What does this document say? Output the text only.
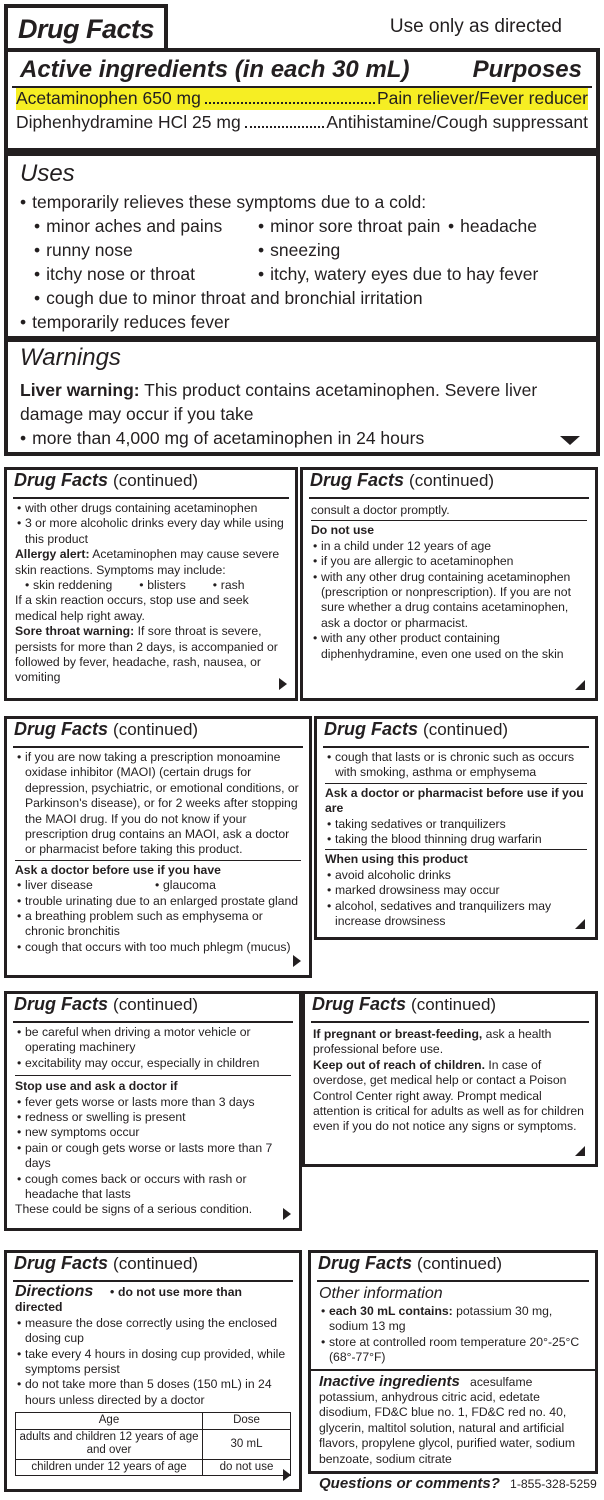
Drug Facts	Use only as directed
Active ingredients (in each 30 mL)	Purposes
Acetaminophen 650 mg	Pain reliever/Fever reducer
Diphenhydramine HCl 25 mg	Antihistamine/Cough suppressant
Uses
• temporarily relieves these symptoms due to a cold:
• minor aches and pains	• minor sore throat pain	• headache
• runny nose	• sneezing
• itchy nose or throat	• itchy, watery eyes due to hay fever
• cough due to minor throat and bronchial irritation
• temporarily reduces fever
Warnings

Liver warning: This product contains acetaminophen. Severe liver damage may occur if you take

• more than 4,000 mg of acetaminophen in 24 hours
Drug Facts (continued)

• with other drugs containing acetaminophen

• 3 or more alcoholic drinks every day while using this product

Allergy alert: Acetaminophen may cause severe skin reactions. Symptoms may include:

• skin reddening	• blisters	• rash

If a skin reaction occurs, stop use and seek medical help right away.

Sore throat warning: If sore throat is severe, persists for more than 2 days, is accompanied or followed by fever, headache, rash, nausea, or vomiting

Drug Facts (continued)

consult a doctor promptly.

Do not use

• in a child under 12 years of age

• if you are allergic to acetaminophen

• with any other drug containing acetaminophen (prescription or nonprescription). If you are not sure whether a drug contains acetaminophen, ask a doctor or pharmacist.

• with any other product containing diphenhydramine, even one used on the skin

Drug Facts (continued)

• if you are now taking a prescription monoamine oxidase inhibitor (MAOI) (certain drugs for depression, psychiatric, or emotional conditions, or Parkinson's disease), or for 2 weeks after stopping the MAOI drug. If you do not know if your prescription drug contains an MAOI, ask a doctor or pharmacist before taking this product.

Ask a doctor before use if you have

• liver disease	• glaucoma

• trouble urinating due to an enlarged prostate gland

• a breathing problem such as emphysema or chronic bronchitis

• cough that occurs with too much phlegm (mucus)

Drug Facts (continued)

• cough that lasts or is chronic such as occurs with smoking, asthma or emphysema

Ask a doctor or pharmacist before use if you are

• taking sedatives or tranquilizers

• taking the blood thinning drug warfarin

When using this product

• avoid alcoholic drinks

• marked drowsiness may occur

• alcohol, sedatives and tranquilizers may increase drowsiness

Drug Facts (continued)

• be careful when driving a motor vehicle or operating machinery

• excitability may occur, especially in children

Stop use and ask a doctor if

• fever gets worse or lasts more than 3 days

• redness or swelling is present

• new symptoms occur

• pain or cough gets worse or lasts more than 7 days

• cough comes back or occurs with rash or headache that lasts

These could be signs of a serious condition.

Drug Facts (continued)

If pregnant or breast-feeding, ask a health professional before use.

Keep out of reach of children. In case of overdose, get medical help or contact a Poison Control Center right away. Prompt medical attention is critical for adults as well as for children even if you do not notice any signs or symptoms.

Drug Facts (continued)

Directions • do not use more than directed

• measure the dose correctly using the enclosed dosing cup

• take every 4 hours in dosing cup provided, while symptoms persist

• do not take more than 5 doses (150 mL) in 24 hours unless directed by a doctor

Age	Dose
adults and children 12 years of age and over	30 mL
children under 12 years of age	do not use
Drug Facts (continued)

Other information

• each 30 mL contains: potassium 30 mg, sodium 13 mg

• store at controlled room temperature 20°-25°C (68°-77°F)

Inactive ingredients acesulfame potassium, anhydrous citric acid, edetate disodium, FD&C blue no. 1, FD&C red no. 40, glycerin, maltitol solution, natural and artificial flavors, propylene glycol, purified water, sodium benzoate, sodium citrate

Questions or comments? 1-855-328-5259
